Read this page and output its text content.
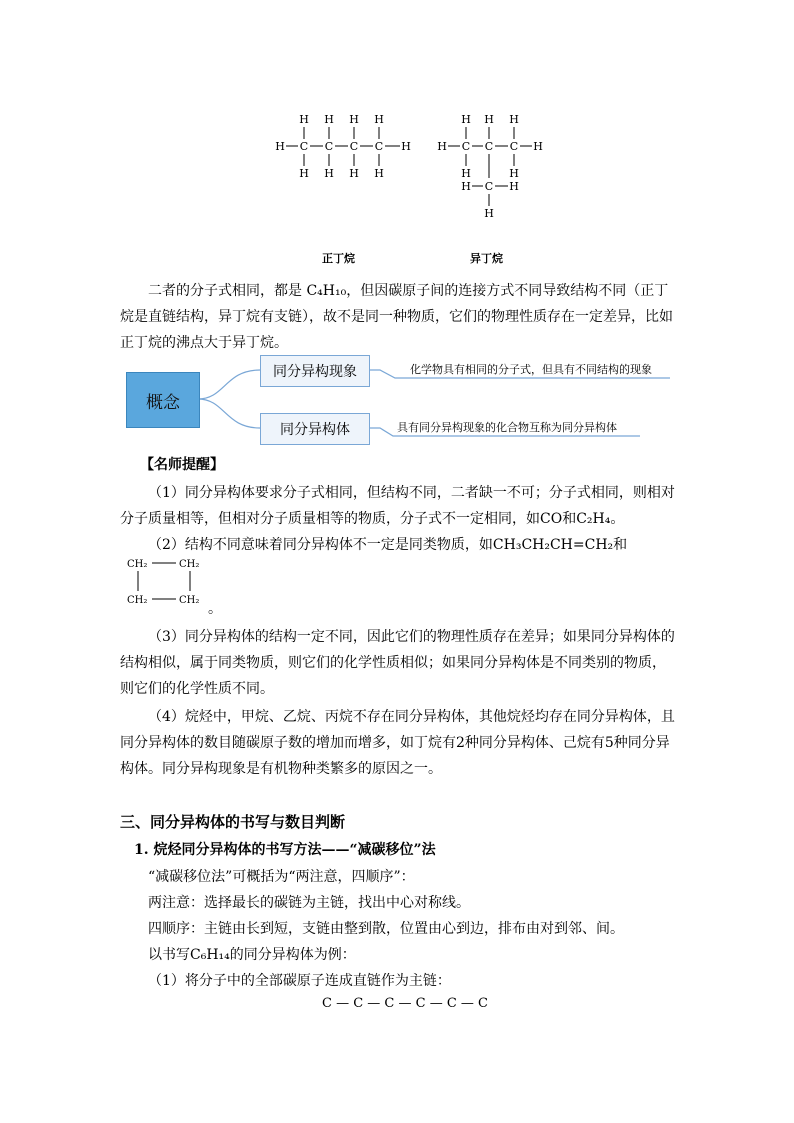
H H H H
H C C C C H
H H H H
H H H
H C C C H
H	H
H C H
H
正丁烷	异丁烷
二者的分子式相同，都是 C₄H₁₀，但因碳原子间的连接方式不同导致结构不同（正丁烷是直链结构，异丁烷有支链），故不是同一种物质，它们的物理性质存在一定差异，比如正丁烷的沸点大于异丁烷。
概念
同分异构现象	化学物具有相同的分子式，但具有不同结构的现象
同分异构体	具有同分异构现象的化合物互称为同分异构体
【名师提醒】
（1）同分异构体要求分子式相同，但结构不同，二者缺一不可；分子式相同，则相对分子质量相等，但相对分子质量相等的物质，分子式不一定相同，如CO和C₂H₄。
（2）结构不同意味着同分异构体不一定是同类物质，如CH₃CH₂CH=CH₂和
CH₂	CH₂
CH₂	CH₂
。
（3）同分异构体的结构一定不同，因此它们的物理性质存在差异；如果同分异构体的结构相似，属于同类物质，则它们的化学性质相似；如果同分异构体是不同类别的物质，则它们的化学性质不同。
（4）烷烃中，甲烷、乙烷、丙烷不存在同分异构体，其他烷烃均存在同分异构体，且同分异构体的数目随碳原子数的增加而增多，如丁烷有2种同分异构体、己烷有5种同分异构体。同分异构现象是有机物种类繁多的原因之一。
三、同分异构体的书写与数目判断
1. 烷烃同分异构体的书写方法——“减碳移位”法
“减碳移位法”可概括为“两注意，四顺序”：
两注意：选择最长的碳链为主链，找出中心对称线。
四顺序：主链由长到短，支链由整到散，位置由心到边，排布由对到邻、间。
以书写C₆H₁₄的同分异构体为例：
（1）将分子中的全部碳原子连成直链作为主链：
C — C — C — C — C — C
